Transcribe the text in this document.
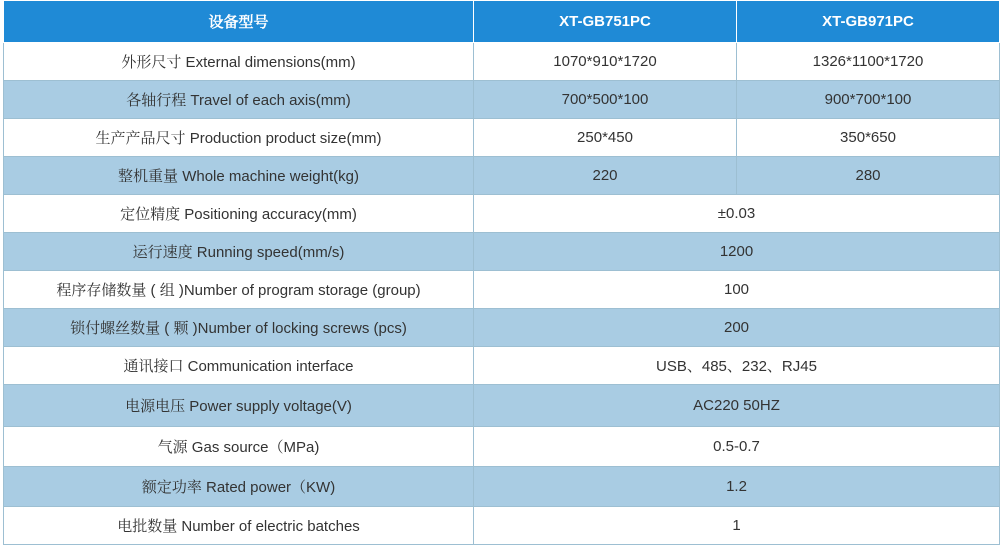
设备型号	XT-GB751PC	XT-GB971PC
外形尺寸 External dimensions(mm)	1070*910*1720	1326*1100*1720
各轴行程 Travel of each axis(mm)	700*500*100	900*700*100
生产产品尺寸 Production product size(mm)	250*450	350*650
整机重量 Whole machine weight(kg)	220	280
定位精度 Positioning accuracy(mm)	±0.03	
运行速度 Running speed(mm/s)	1200	
程序存储数量 ( 组 )Number of program storage (group)	100	
锁付螺丝数量 ( 颗 )Number of locking screws (pcs)	200	
通讯接口 Communication interface	USB、485、232、RJ45	
电源电压 Power supply voltage(V)	AC220 50HZ	
气源 Gas source（MPa)	0.5-0.7	
额定功率 Rated power（KW)	1.2	
电批数量 Number of electric batches	1	
